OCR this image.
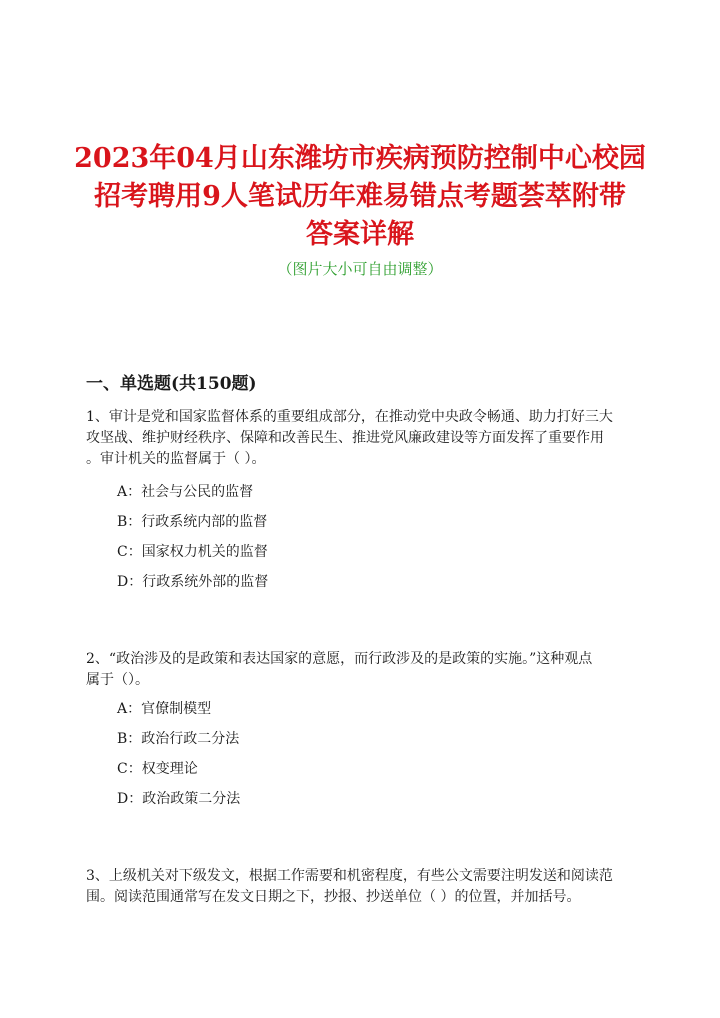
2023年04月山东潍坊市疾病预防控制中心校园
招考聘用9人笔试历年难易错点考题荟萃附带
答案详解
（图片大小可自由调整）
一、单选题(共150题)
1、审计是党和国家监督体系的重要组成部分，在推动党中央政令畅通、助力打好三大
攻坚战、维护财经秩序、保障和改善民生、推进党风廉政建设等方面发挥了重要作用
。审计机关的监督属于（ ）。
A：社会与公民的监督
B：行政系统内部的监督
C：国家权力机关的监督
D：行政系统外部的监督
2、“政治涉及的是政策和表达国家的意愿，而行政涉及的是政策的实施。”这种观点
属于（）。
A：官僚制模型
B：政治行政二分法
C：权变理论
D：政治政策二分法
3、上级机关对下级发文，根据工作需要和机密程度，有些公文需要注明发送和阅读范
围。阅读范围通常写在发文日期之下，抄报、抄送单位（ ）的位置，并加括号。
